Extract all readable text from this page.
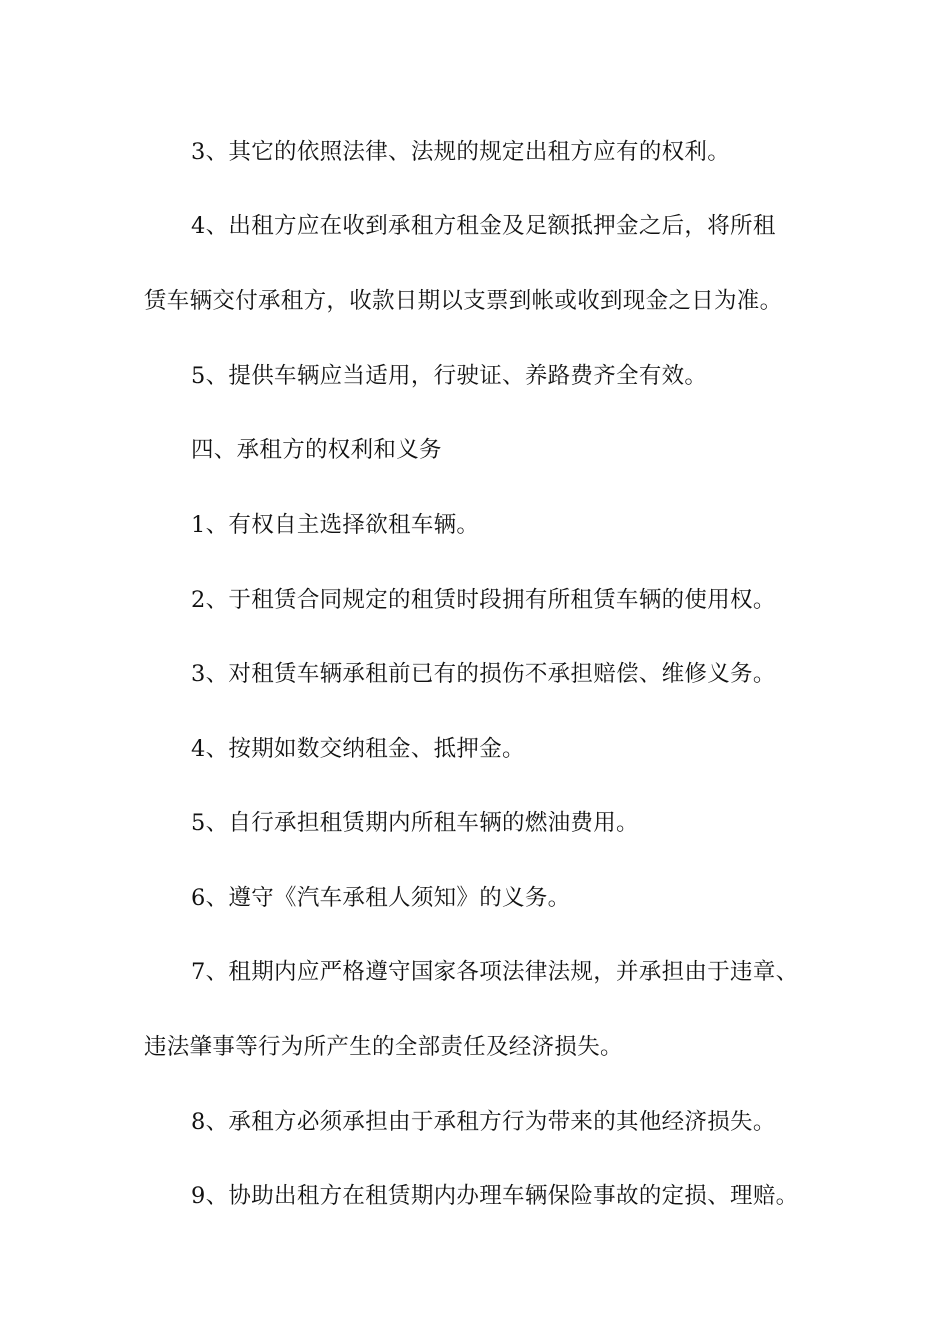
3、其它的依照法律、法规的规定出租方应有的权利。
4、出租方应在收到承租方租金及足额抵押金之后，将所租
赁车辆交付承租方，收款日期以支票到帐或收到现金之日为准。
5、提供车辆应当适用，行驶证、养路费齐全有效。
四、承租方的权利和义务
1、有权自主选择欲租车辆。
2、于租赁合同规定的租赁时段拥有所租赁车辆的使用权。
3、对租赁车辆承租前已有的损伤不承担赔偿、维修义务。
4、按期如数交纳租金、抵押金。
5、自行承担租赁期内所租车辆的燃油费用。
6、遵守《汽车承租人须知》的义务。
7、租期内应严格遵守国家各项法律法规，并承担由于违章、
违法肇事等行为所产生的全部责任及经济损失。
8、承租方必须承担由于承租方行为带来的其他经济损失。
9、协助出租方在租赁期内办理车辆保险事故的定损、理赔。
